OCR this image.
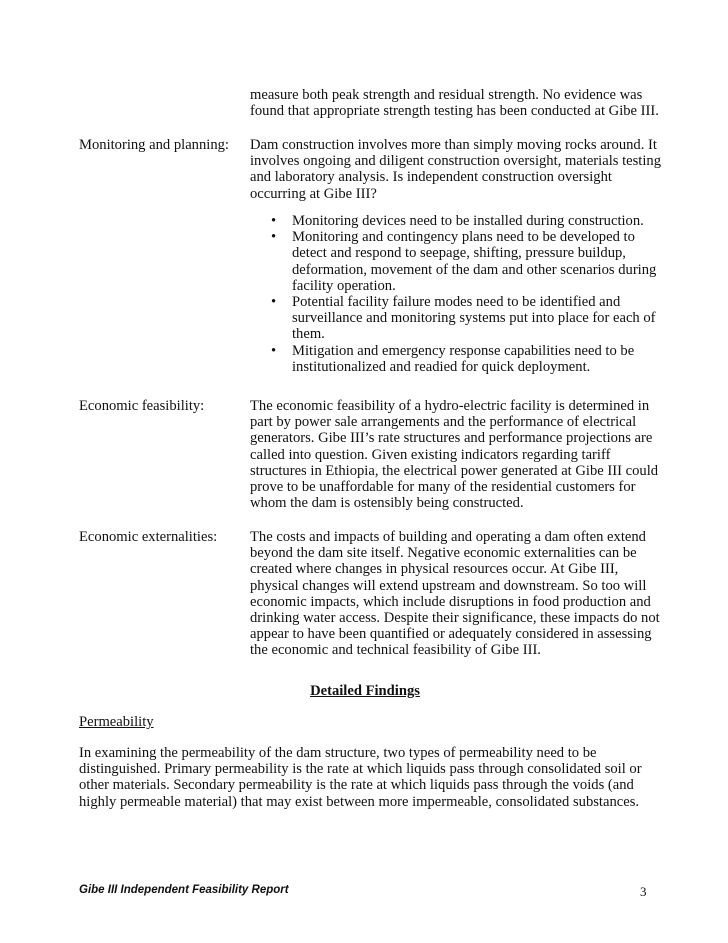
measure both peak strength and residual strength. No evidence was found that appropriate strength testing has been conducted at Gibe III.

Monitoring and planning:	Dam construction involves more than simply moving rocks around. It involves ongoing and diligent construction oversight, materials testing and laboratory analysis. Is independent construction oversight occurring at Gibe III?

• Monitoring devices need to be installed during construction.
• Monitoring and contingency plans need to be developed to detect and respond to seepage, shifting, pressure buildup, deformation, movement of the dam and other scenarios during facility operation.
• Potential facility failure modes need to be identified and surveillance and monitoring systems put into place for each of them.
• Mitigation and emergency response capabilities need to be institutionalized and readied for quick deployment.

Economic feasibility:	The economic feasibility of a hydro-electric facility is determined in part by power sale arrangements and the performance of electrical generators. Gibe III’s rate structures and performance projections are called into question. Given existing indicators regarding tariff structures in Ethiopia, the electrical power generated at Gibe III could prove to be unaffordable for many of the residential customers for whom the dam is ostensibly being constructed.

Economic externalities:	The costs and impacts of building and operating a dam often extend beyond the dam site itself. Negative economic externalities can be created where changes in physical resources occur. At Gibe III, physical changes will extend upstream and downstream. So too will economic impacts, which include disruptions in food production and drinking water access. Despite their significance, these impacts do not appear to have been quantified or adequately considered in assessing the economic and technical feasibility of Gibe III.

Detailed Findings
Permeability

In examining the permeability of the dam structure, two types of permeability need to be distinguished. Primary permeability is the rate at which liquids pass through consolidated soil or other materials. Secondary permeability is the rate at which liquids pass through the voids (and highly permeable material) that may exist between more impermeable, consolidated substances.

Gibe III Independent Feasibility Report	3
